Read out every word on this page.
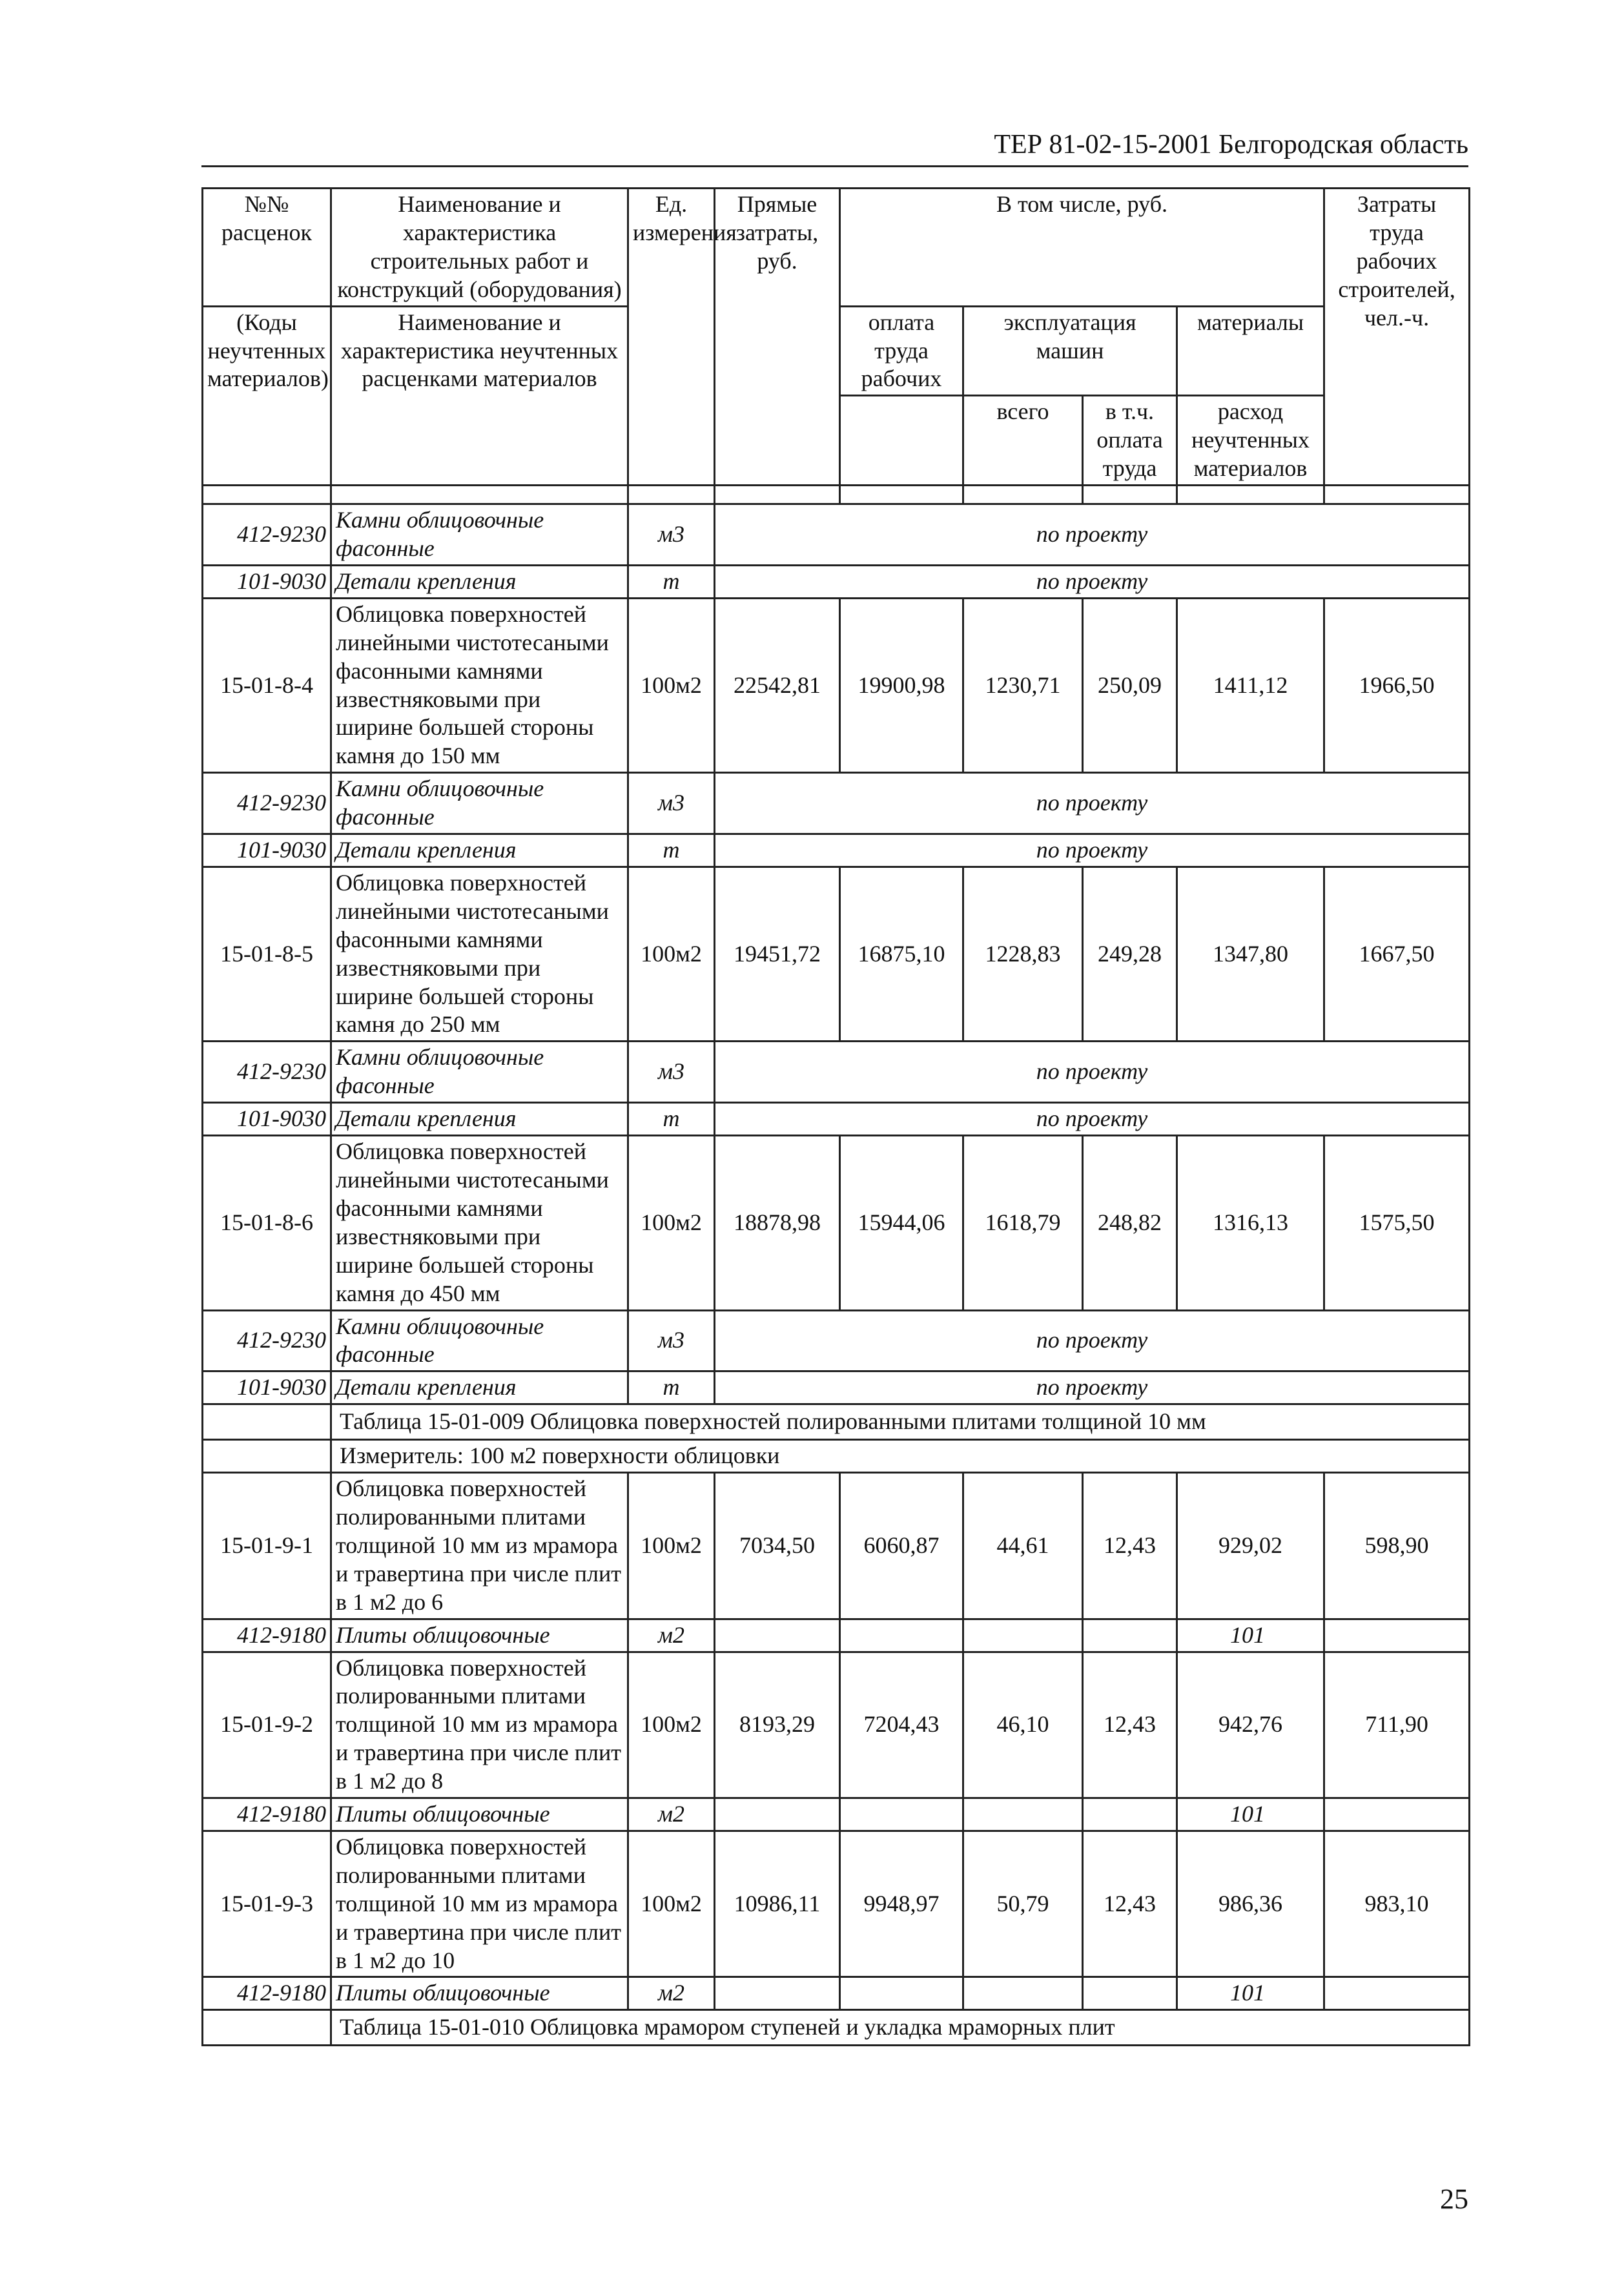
ТЕР 81-02-15-2001 Белгородская область
№№ расценок	Наименование и характеристика строительных работ и конструкций (оборудования)	Ед. измерения	Прямые затраты, руб.	В том числе, руб.				Затраты труда рабочих строителей, чел.-ч.
(Коды неучтенных материалов)	Наименование и характеристика неучтенных расценками материалов			оплата труда рабочих	эксплуатация машин		материалы	
					всего	в т.ч. оплата труда	расход неучтенных материалов	

412-9230	Камни облицовочные фасонные	м3	по проекту					
101-9030	Детали крепления	т	по проекту					
15-01-8-4	Облицовка поверхностей линейными чистотесаными фасонными камнями известняковыми при ширине большей стороны камня до 150 мм	100м2	22542,81	19900,98	1230,71	250,09	1411,12	1966,50
412-9230	Камни облицовочные фасонные	м3	по проекту					
101-9030	Детали крепления	т	по проекту					
15-01-8-5	Облицовка поверхностей линейными чистотесаными фасонными камнями известняковыми при ширине большей стороны камня до 250 мм	100м2	19451,72	16875,10	1228,83	249,28	1347,80	1667,50
412-9230	Камни облицовочные фасонные	м3	по проекту					
101-9030	Детали крепления	т	по проекту					
15-01-8-6	Облицовка поверхностей линейными чистотесаными фасонными камнями известняковыми при ширине большей стороны камня до 450 мм	100м2	18878,98	15944,06	1618,79	248,82	1316,13	1575,50
412-9230	Камни облицовочные фасонные	м3	по проекту					
101-9030	Детали крепления	т	по проекту					
	Таблица 15-01-009 Облицовка поверхностей полированными плитами толщиной 10 мм							
	Измеритель: 100 м2 поверхности облицовки							
15-01-9-1	Облицовка поверхностей полированными плитами толщиной 10 мм из мрамора и травертина при числе плит в 1 м2 до 6	100м2	7034,50	6060,87	44,61	12,43	929,02	598,90
412-9180	Плиты облицовочные	м2					101	
15-01-9-2	Облицовка поверхностей полированными плитами толщиной 10 мм из мрамора и травертина при числе плит в 1 м2 до 8	100м2	8193,29	7204,43	46,10	12,43	942,76	711,90
412-9180	Плиты облицовочные	м2					101	
15-01-9-3	Облицовка поверхностей полированными плитами толщиной 10 мм из мрамора и травертина при числе плит в 1 м2 до 10	100м2	10986,11	9948,97	50,79	12,43	986,36	983,10
412-9180	Плиты облицовочные	м2					101	
	Таблица 15-01-010 Облицовка мрамором ступеней и укладка мраморных плит							
25
